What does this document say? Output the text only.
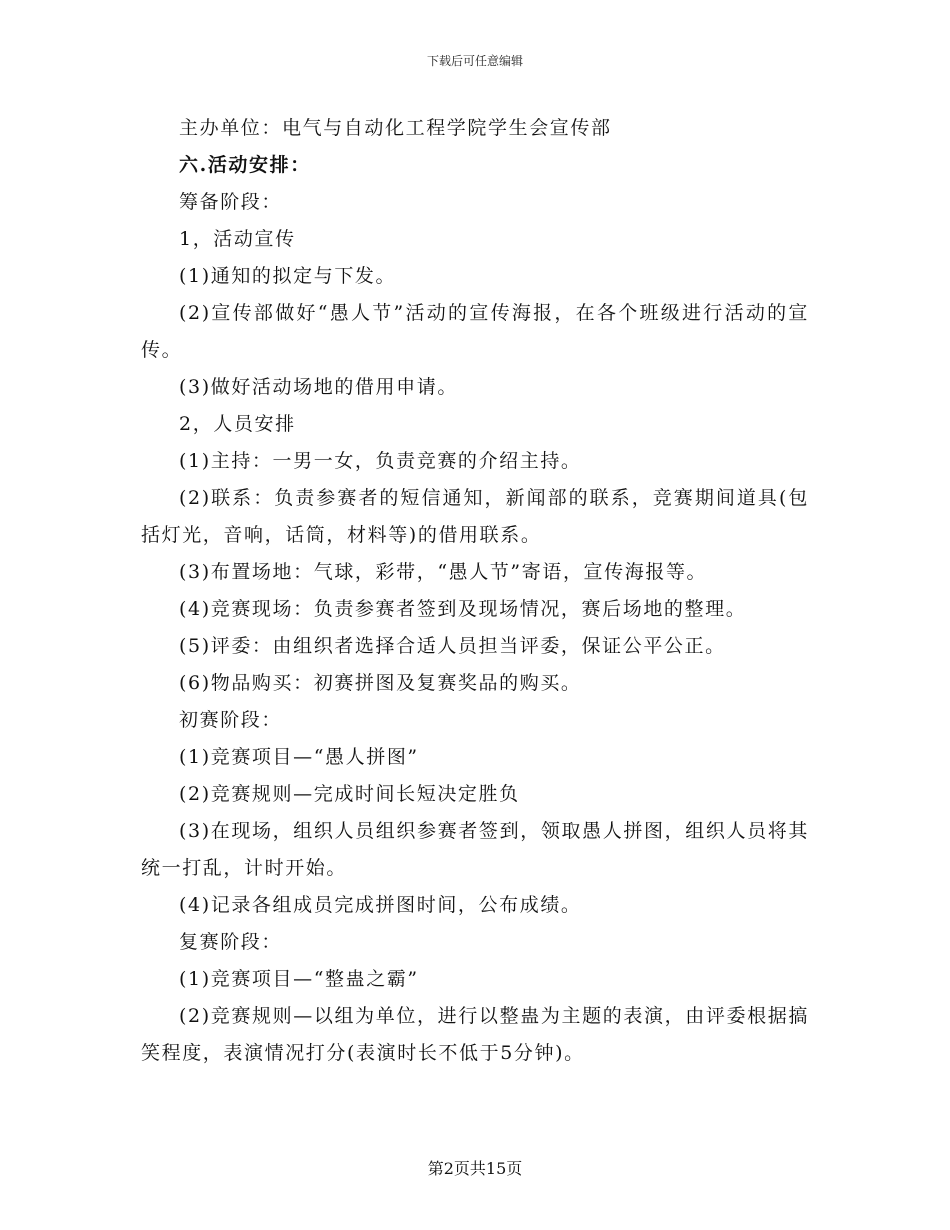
下载后可任意编辑

主办单位：电气与自动化工程学院学生会宣传部

六.活动安排：

筹备阶段：

1，活动宣传

(1)通知的拟定与下发。

(2)宣传部做好“愚人节”活动的宣传海报，在各个班级进行活动的宣传。

(3)做好活动场地的借用申请。

2，人员安排

(1)主持：一男一女，负责竞赛的介绍主持。

(2)联系：负责参赛者的短信通知，新闻部的联系，竞赛期间道具(包括灯光，音响，话筒，材料等)的借用联系。

(3)布置场地：气球，彩带，“愚人节”寄语，宣传海报等。

(4)竞赛现场：负责参赛者签到及现场情况，赛后场地的整理。

(5)评委：由组织者选择合适人员担当评委，保证公平公正。

(6)物品购买：初赛拼图及复赛奖品的购买。

初赛阶段：

(1)竞赛项目—“愚人拼图”

(2)竞赛规则—完成时间长短决定胜负

(3)在现场，组织人员组织参赛者签到，领取愚人拼图，组织人员将其统一打乱，计时开始。

(4)记录各组成员完成拼图时间，公布成绩。

复赛阶段：

(1)竞赛项目—“整蛊之霸”

(2)竞赛规则—以组为单位，进行以整蛊为主题的表演，由评委根据搞笑程度，表演情况打分(表演时长不低于5分钟)。

第2页共15页
